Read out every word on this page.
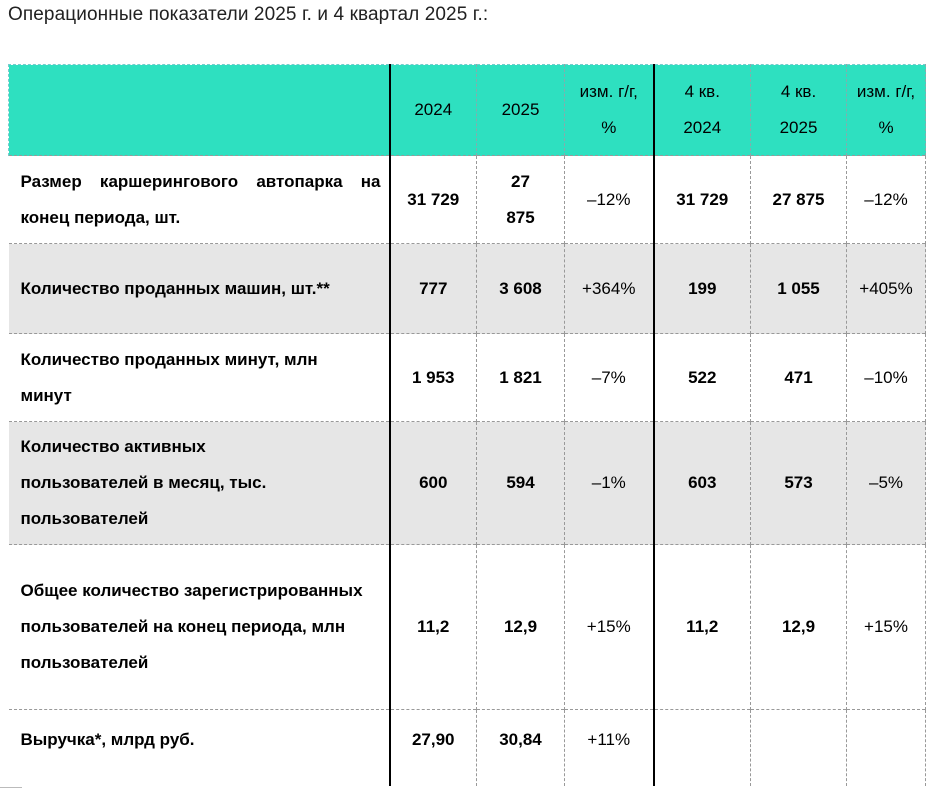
Операционные показатели 2025 г. и 4 квартал 2025 г.:
	2024	2025	изм. г/г, %	4 кв. 2024	4 кв. 2025	изм. г/г, %

Размер каршерингового автопарка на конец периода, шт.	31 729	27 875	–12%	31 729	27 875	–12%

Количество проданных машин, шт.**	777	3 608	+364%	199	1 055	+405%

Количество проданных минут, млн минут	1 953	1 821	–7%	522	471	–10%

Количество активных пользователей в месяц, тыс. пользователей	600	594	–1%	603	573	–5%

Общее количество зарегистрированных пользователей на конец периода, млн пользователей	11,2	12,9	+15%	11,2	12,9	+15%
Выручка*, млрд руб.	27,90	30,84	+11%			
